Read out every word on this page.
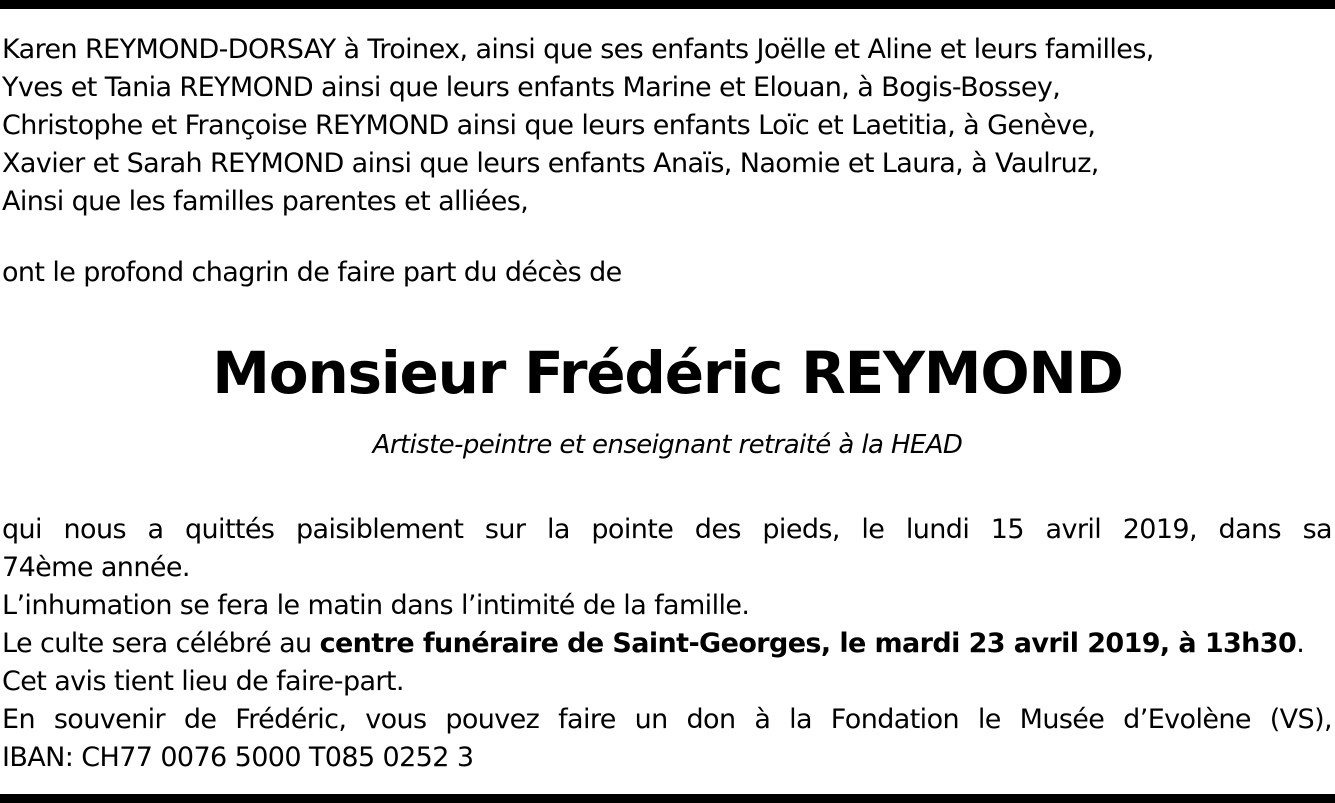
Karen REYMOND-DORSAY à Troinex, ainsi que ses enfants Joëlle et Aline et leurs familles,
Yves et Tania REYMOND ainsi que leurs enfants Marine et Elouan, à Bogis-Bossey,
Christophe et Françoise REYMOND ainsi que leurs enfants Loïc et Laetitia, à Genève,
Xavier et Sarah REYMOND ainsi que leurs enfants Anaïs, Naomie et Laura, à Vaulruz,
Ainsi que les familles parentes et alliées,
ont le profond chagrin de faire part du décès de
Monsieur Frédéric REYMOND
Artiste-peintre et enseignant retraité à la HEAD
qui nous a quittés paisiblement sur la pointe des pieds, le lundi 15 avril 2019, dans sa
74ème année.
L’inhumation se fera le matin dans l’intimité de la famille.
Le culte sera célébré au centre funéraire de Saint-Georges, le mardi 23 avril 2019, à 13h30.
Cet avis tient lieu de faire-part.
En souvenir de Frédéric, vous pouvez faire un don à la Fondation le Musée d’Evolène (VS),
IBAN: CH77 0076 5000 T085 0252 3
